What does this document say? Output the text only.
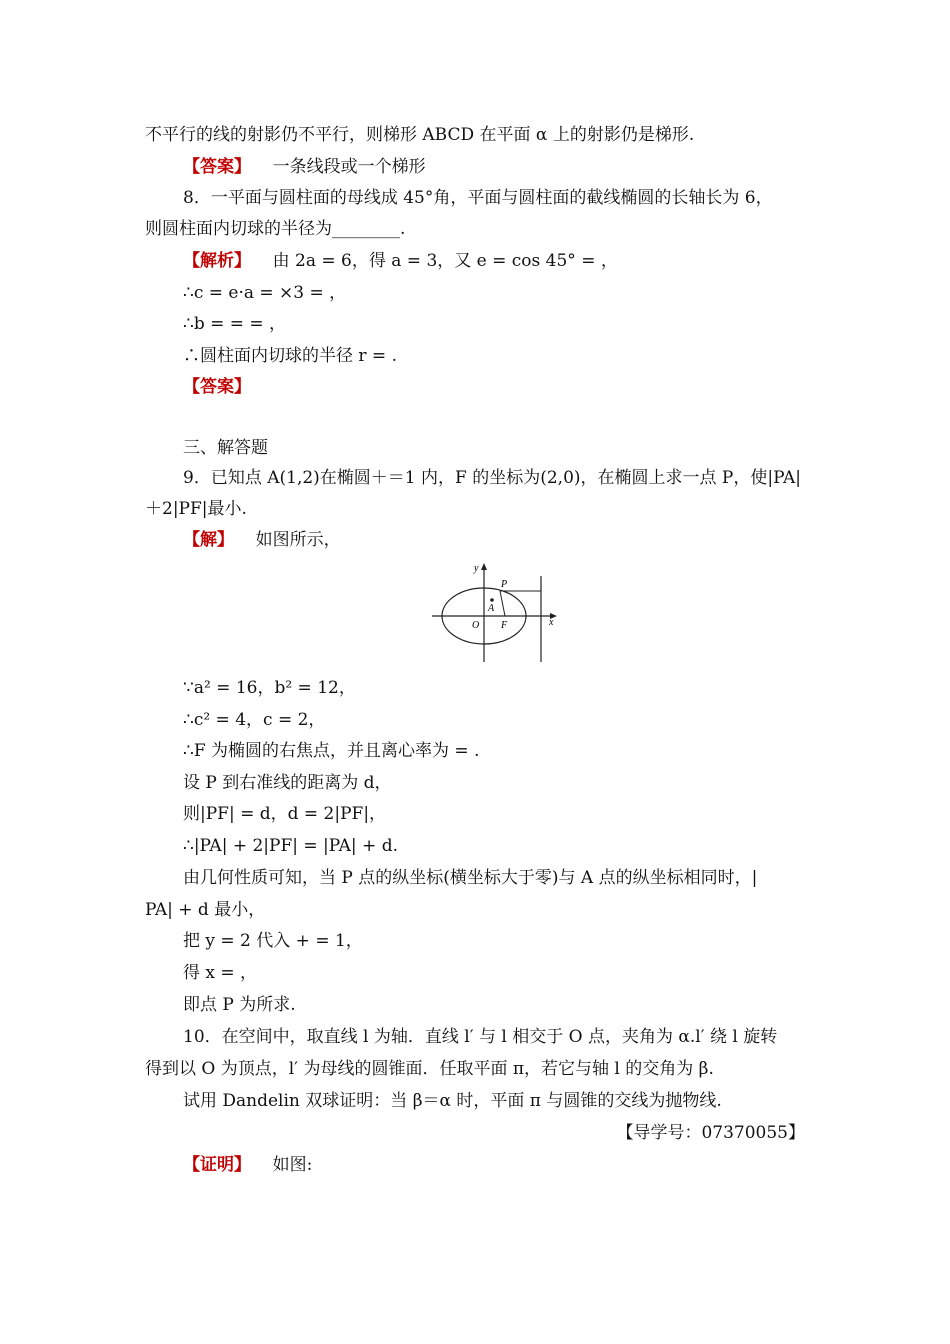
不平行的线的射影仍不平行，则梯形 ABCD 在平面 α 上的射影仍是梯形.
【答案】 一条线段或一个梯形
8．一平面与圆柱面的母线成 45°角，平面与圆柱面的截线椭圆的长轴长为 6，
则圆柱面内切球的半径为________.
【解析】 由 2a = 6，得 a = 3，又 e = cos 45° = ，
∴c = e·a = ×3 = ，
∴b = = = ，
∴圆柱面内切球的半径 r = .
【答案】
三、解答题
9．已知点 A(1,2)在椭圆＋＝1 内，F 的坐标为(2,0)，在椭圆上求一点 P，使|PA|
＋2|PF|最小.
【解】 如图所示，
y
x
O F
A
P
∵a² = 16，b² = 12，
∴c² = 4，c = 2，
∴F 为椭圆的右焦点，并且离心率为 = .
设 P 到右准线的距离为 d，
则|PF| = d，d = 2|PF|，
∴|PA| + 2|PF| = |PA| + d.
由几何性质可知，当 P 点的纵坐标(横坐标大于零)与 A 点的纵坐标相同时，|
PA| + d 最小，
把 y = 2 代入 + = 1，
得 x = ，
即点 P 为所求.
10．在空间中，取直线 l 为轴．直线 l′ 与 l 相交于 O 点，夹角为 α.l′ 绕 l 旋转
得到以 O 为顶点，l′ 为母线的圆锥面．任取平面 π，若它与轴 l 的交角为 β.
试用 Dandelin 双球证明：当 β＝α 时，平面 π 与圆锥的交线为抛物线.
【导学号：07370055】
【证明】 如图:
